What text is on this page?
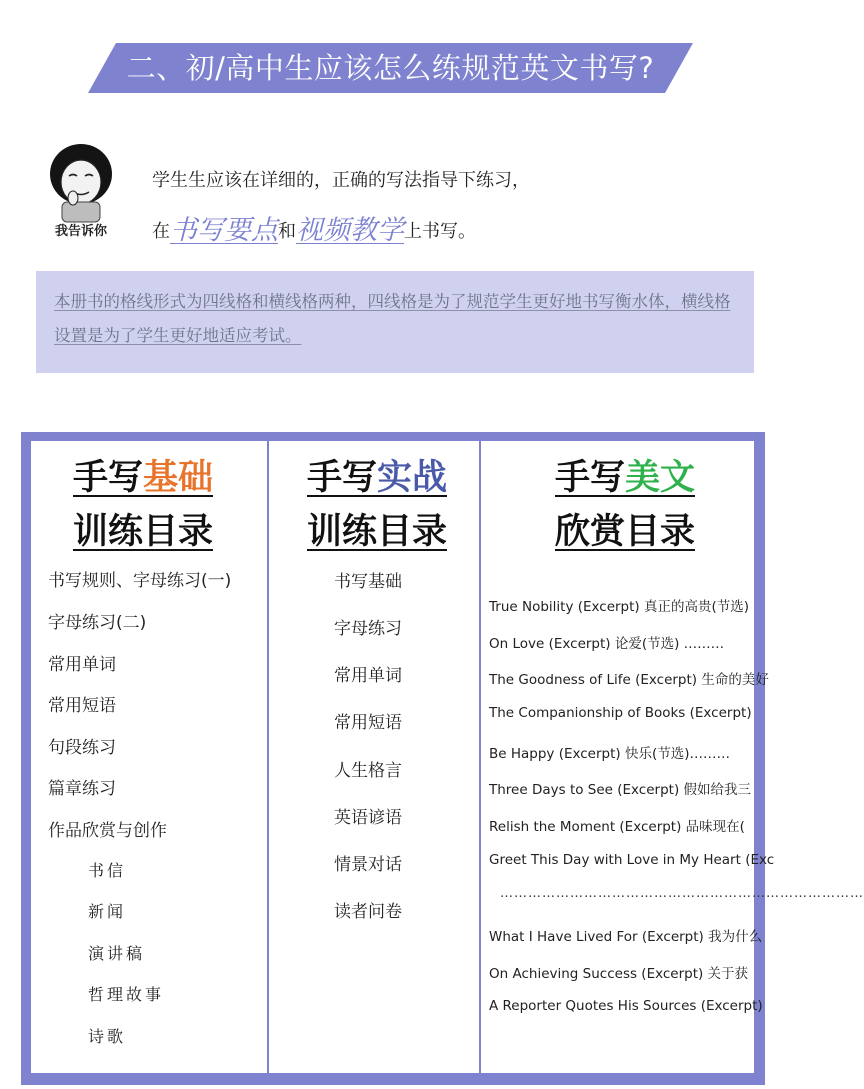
二、初/高中生应该怎么练规范英文书写?
我告诉你
学生生应该在详细的，正确的写法指导下练习，
在书写要点和视频教学上书写。
本册书的格线形式为四线格和横线格两种，四线格是为了规范学生更好地书写衡水体，横线格设置是为了学生更好地适应考试。
手写基础
训练目录
书写规则、字母练习(一)
字母练习(二)
常用单词
常用短语
句段练习
篇章练习
作品欣赏与创作
书信
新闻
演讲稿
哲理故事
诗歌
手写实战
训练目录
书写基础
字母练习
常用单词
常用短语
人生格言
英语谚语
情景对话
读者问卷
手写美文
欣赏目录
True Nobility (Excerpt) 真正的高贵(节选)
On Love (Excerpt) 论爱(节选) ………
The Goodness of Life (Excerpt) 生命的美好
The Companionship of Books (Excerpt)
Be Happy (Excerpt) 快乐(节选)………
Three Days to See (Excerpt) 假如给我三
Relish the Moment (Excerpt) 品味现在(
Greet This Day with Love in My Heart (Exc
What I Have Lived For (Excerpt) 我为什么
On Achieving Success (Excerpt) 关于获
A Reporter Quotes His Sources (Excerpt)
……………………………………………………………………
